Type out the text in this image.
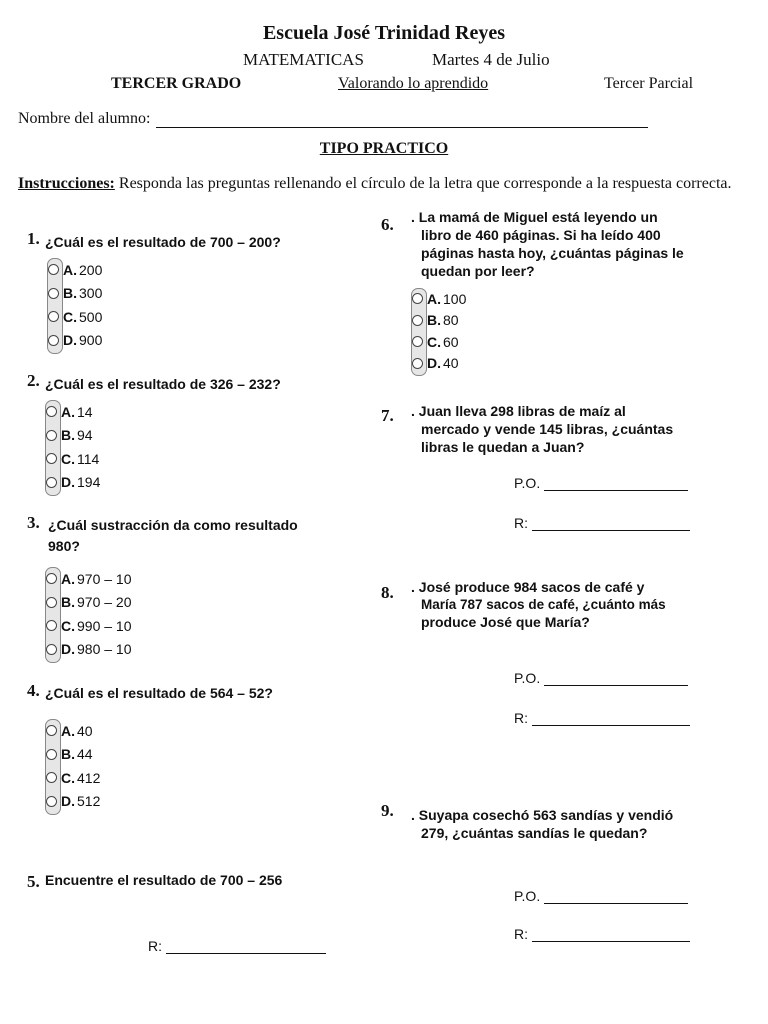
Escuela José Trinidad Reyes
MATEMATICAS	Martes 4 de Julio
TERCER GRADO	Valorando lo aprendido	Tercer Parcial
Nombre del alumno:
TIPO PRACTICO
Instrucciones: Responda las preguntas rellenando el círculo de la letra que corresponde a la respuesta correcta.
1. ¿Cuál es el resultado de 700 – 200?
A. 200
B. 300
C. 500
D. 900
2. ¿Cuál es el resultado de 326 – 232?
A. 14
B. 94
C. 114
D. 194
3. ¿Cuál sustracción da como resultado
980?
A. 970 – 10
B. 970 – 20
C. 990 – 10
D. 980 – 10
4. ¿Cuál es el resultado de 564 – 52?
A. 40
B. 44
C. 412
D. 512
5. Encuentre el resultado de 700 – 256
R:
6. . La mamá de Miguel está leyendo un
libro de 460 páginas. Si ha leído 400
páginas hasta hoy, ¿cuántas páginas le
quedan por leer?
A. 100
B. 80
C. 60
D. 40
7. . Juan lleva 298 libras de maíz al
mercado y vende 145 libras, ¿cuántas
libras le quedan a Juan?
P.O.
R:
8. . José produce 984 sacos de café y
María 787 sacos de café, ¿cuánto más
produce José que María?
P.O.
R:
9. . Suyapa cosechó 563 sandías y vendió
279, ¿cuántas sandías le quedan?
P.O.
R:
